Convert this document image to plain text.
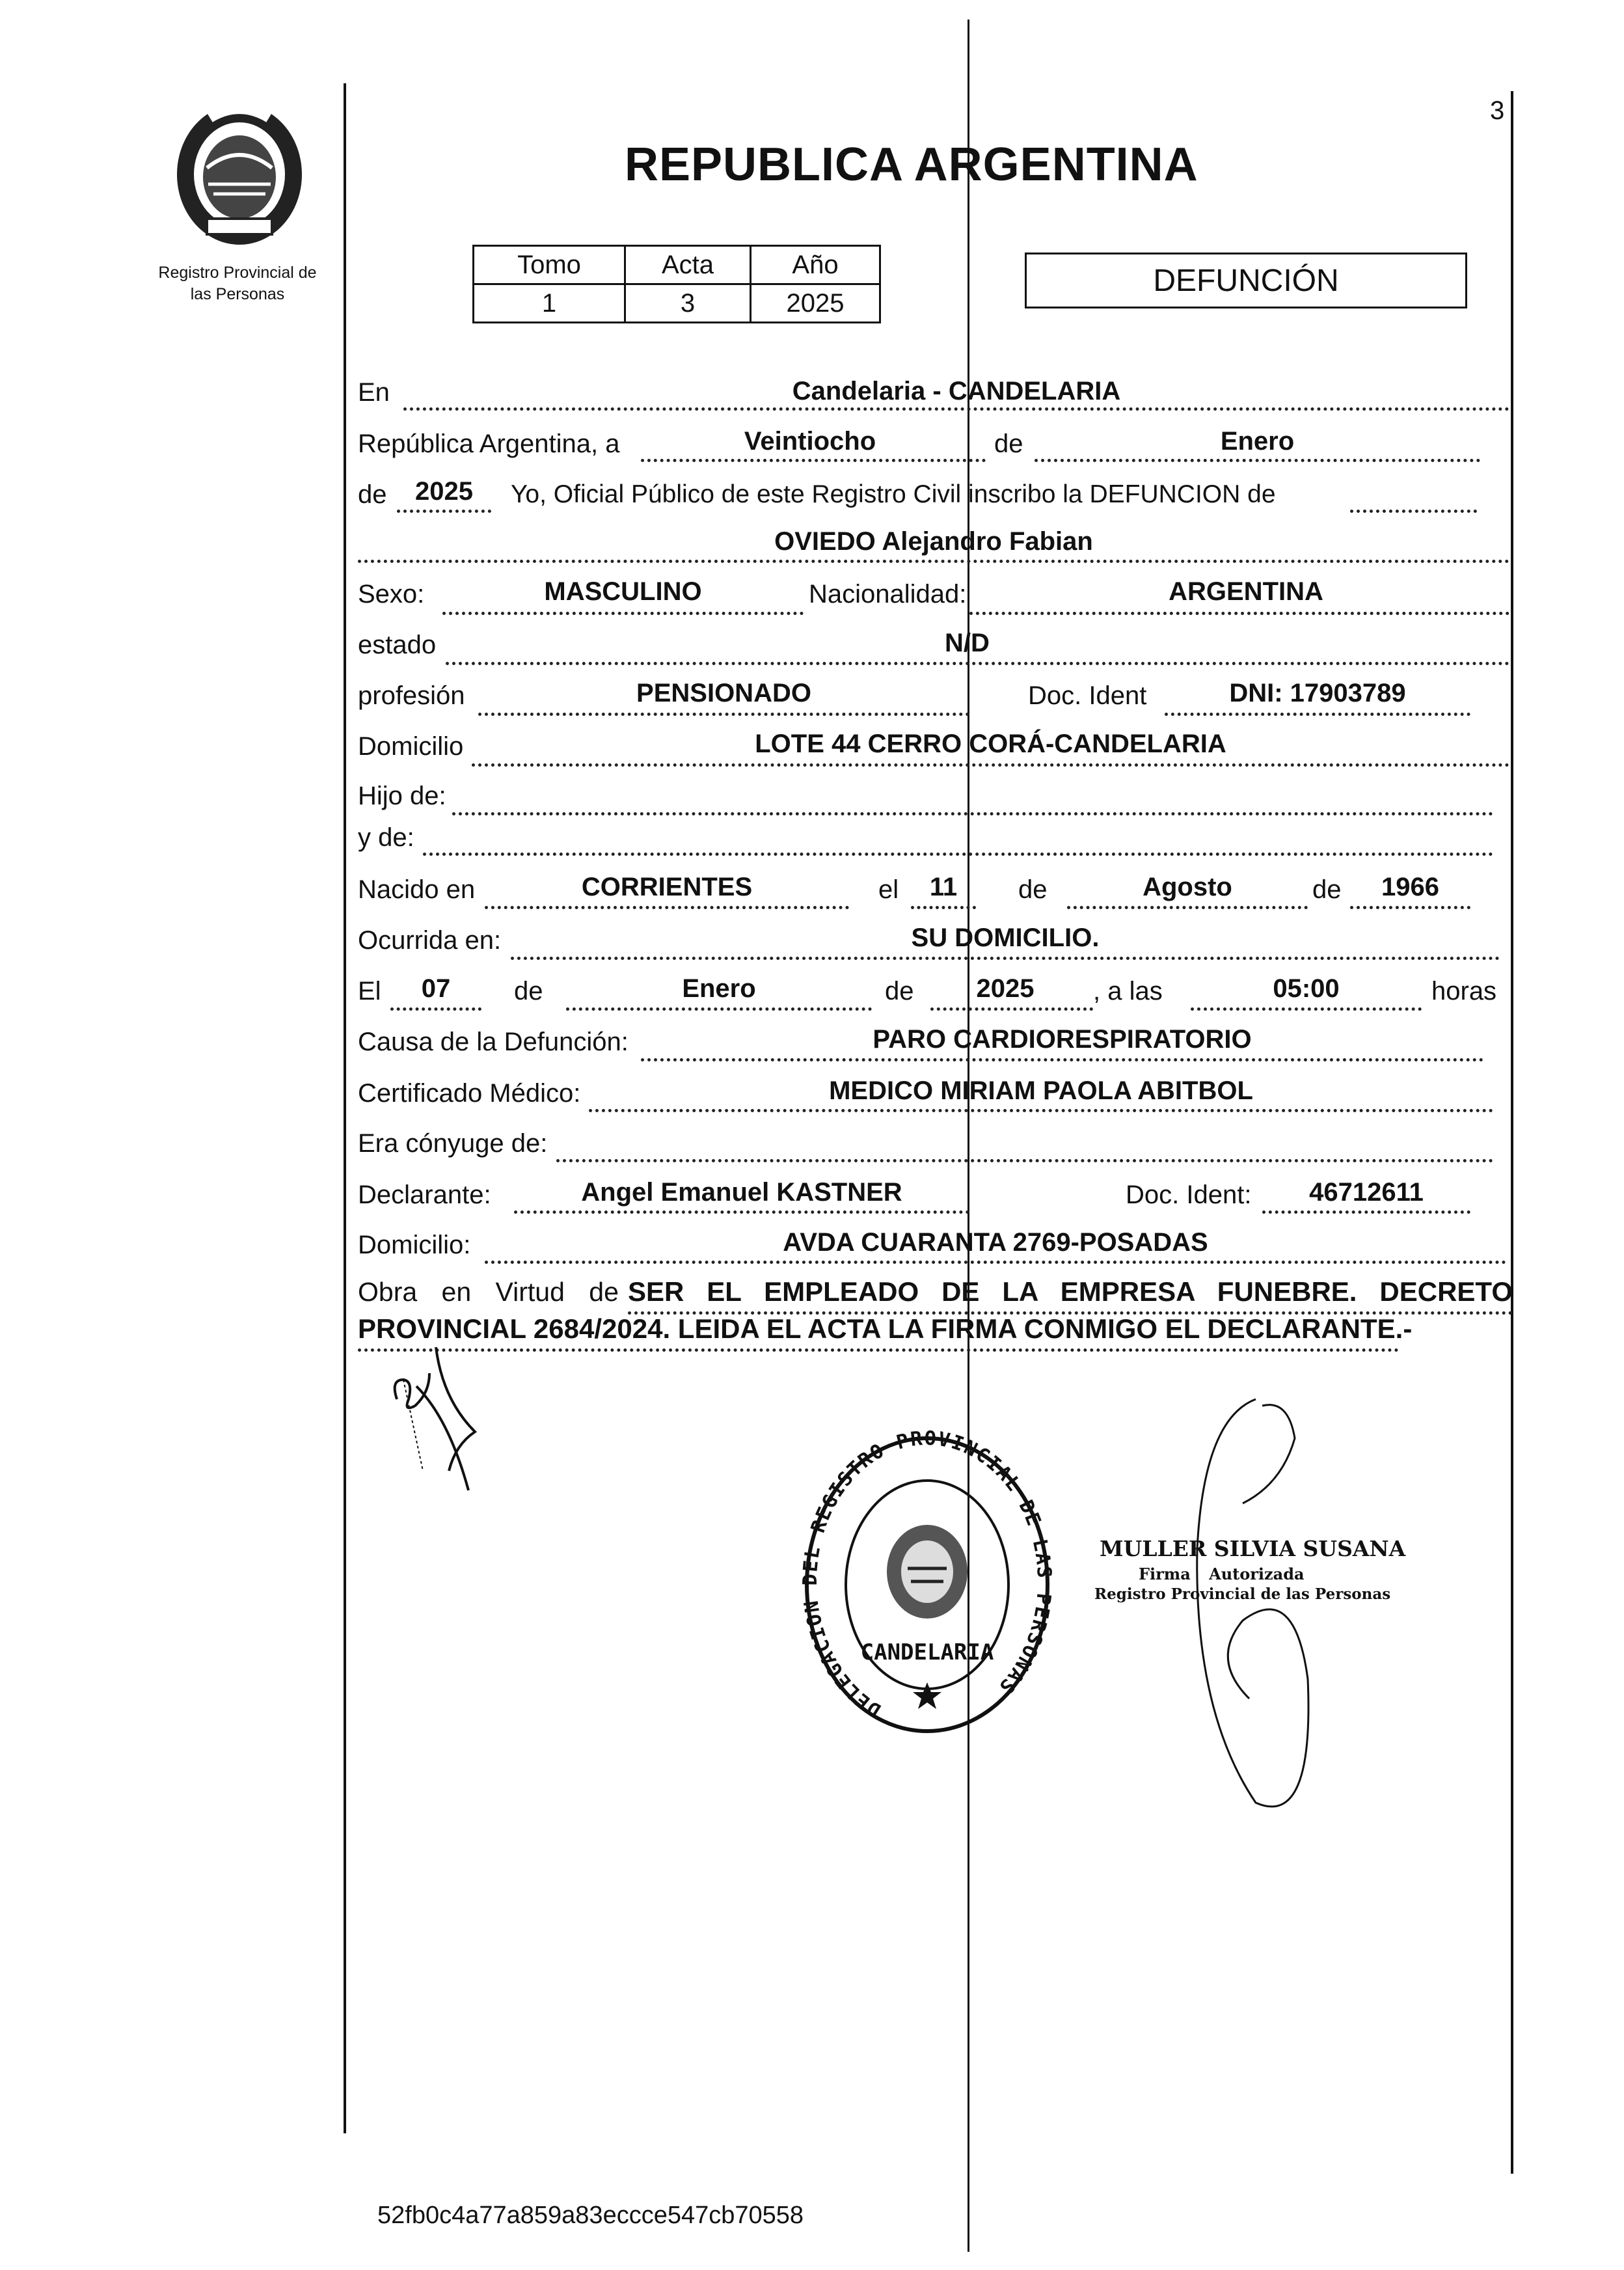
3
Registro Provincial de
las Personas
REPUBLICA ARGENTINA
Tomo	Acta	Año
1	3	2025
DEFUNCIÓN
En	Candelaria - CANDELARIA
República Argentina, a	Veintiocho	de	Enero
de	2025	Yo, Oficial Público de este Registro Civil inscribo la DEFUNCION de
OVIEDO Alejandro Fabian
Sexo:	MASCULINO	Nacionalidad:	ARGENTINA
estado	N/D
profesión	PENSIONADO	Doc. Ident	DNI: 17903789
Domicilio	LOTE 44 CERRO CORÁ-CANDELARIA
Hijo de:
y de:
Nacido en	CORRIENTES	el	11	de	Agosto	de	1966
Ocurrida en:	SU DOMICILIO.
El	07	de	Enero	de	2025	, a las	05:00	horas
Causa de la Defunción:	PARO CARDIORESPIRATORIO
Certificado Médico:	MEDICO MIRIAM PAOLA ABITBOL
Era cónyuge de:
Declarante:	Angel Emanuel KASTNER	Doc. Ident:	46712611
Domicilio:	AVDA CUARANTA 2769-POSADAS
Obra en Virtud de SER EL EMPLEADO DE LA EMPRESA FUNEBRE. DECRETO
PROVINCIAL 2684/2024. LEIDA EL ACTA LA FIRMA CONMIGO EL DECLARANTE.-
DELEGACION DEL REGISTRO PROVINCIAL DE LAS PERSONAS
CANDELARIA
MULLER SILVIA SUSANA
Firma Autorizada
Registro Provincial de las Personas
52fb0c4a77a859a83eccce547cb70558
